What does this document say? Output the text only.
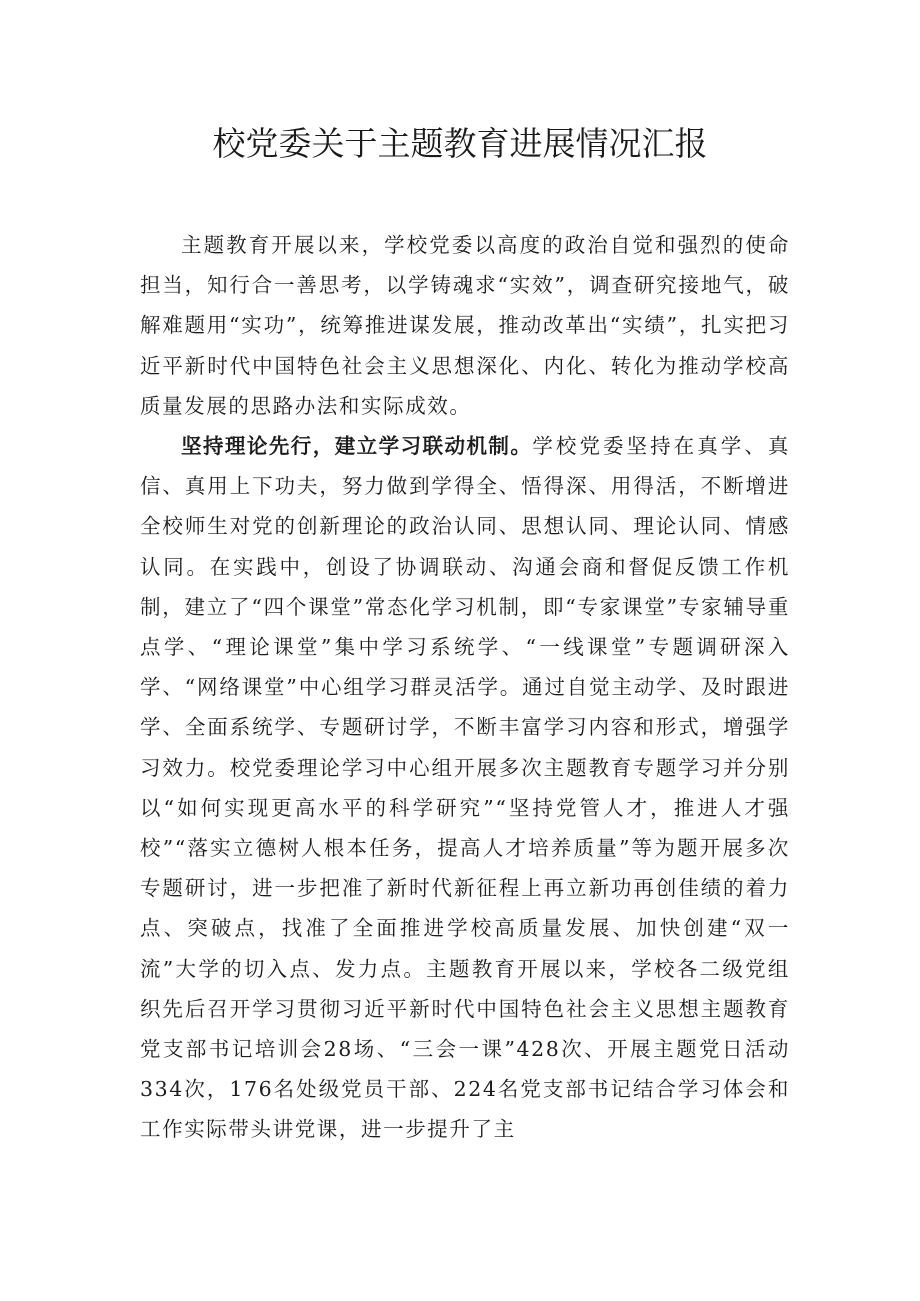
校党委关于主题教育进展情况汇报

主题教育开展以来，学校党委以高度的政治自觉和强烈的使命担当，知行合一善思考，以学铸魂求“实效”，调查研究接地气，破解难题用“实功”，统筹推进谋发展，推动改革出“实绩”，扎实把习近平新时代中国特色社会主义思想深化、内化、转化为推动学校高质量发展的思路办法和实际成效。

坚持理论先行，建立学习联动机制。学校党委坚持在真学、真信、真用上下功夫，努力做到学得全、悟得深、用得活，不断增进全校师生对党的创新理论的政治认同、思想认同、理论认同、情感认同。在实践中，创设了协调联动、沟通会商和督促反馈工作机制，建立了“四个课堂”常态化学习机制，即“专家课堂”专家辅导重点学、“理论课堂”集中学习系统学、“一线课堂”专题调研深入学、“网络课堂”中心组学习群灵活学。通过自觉主动学、及时跟进学、全面系统学、专题研讨学，不断丰富学习内容和形式，增强学习效力。校党委理论学习中心组开展多次主题教育专题学习并分别以“如何实现更高水平的科学研究”“坚持党管人才，推进人才强校”“落实立德树人根本任务，提高人才培养质量”等为题开展多次专题研讨，进一步把准了新时代新征程上再立新功再创佳绩的着力点、突破点，找准了全面推进学校高质量发展、加快创建“双一流”大学的切入点、发力点。主题教育开展以来，学校各二级党组织先后召开学习贯彻习近平新时代中国特色社会主义思想主题教育党支部书记培训会28场、“三会一课”428次、开展主题党日活动334次，176名处级党员干部、224名党支部书记结合学习体会和工作实际带头讲党课，进一步提升了主
